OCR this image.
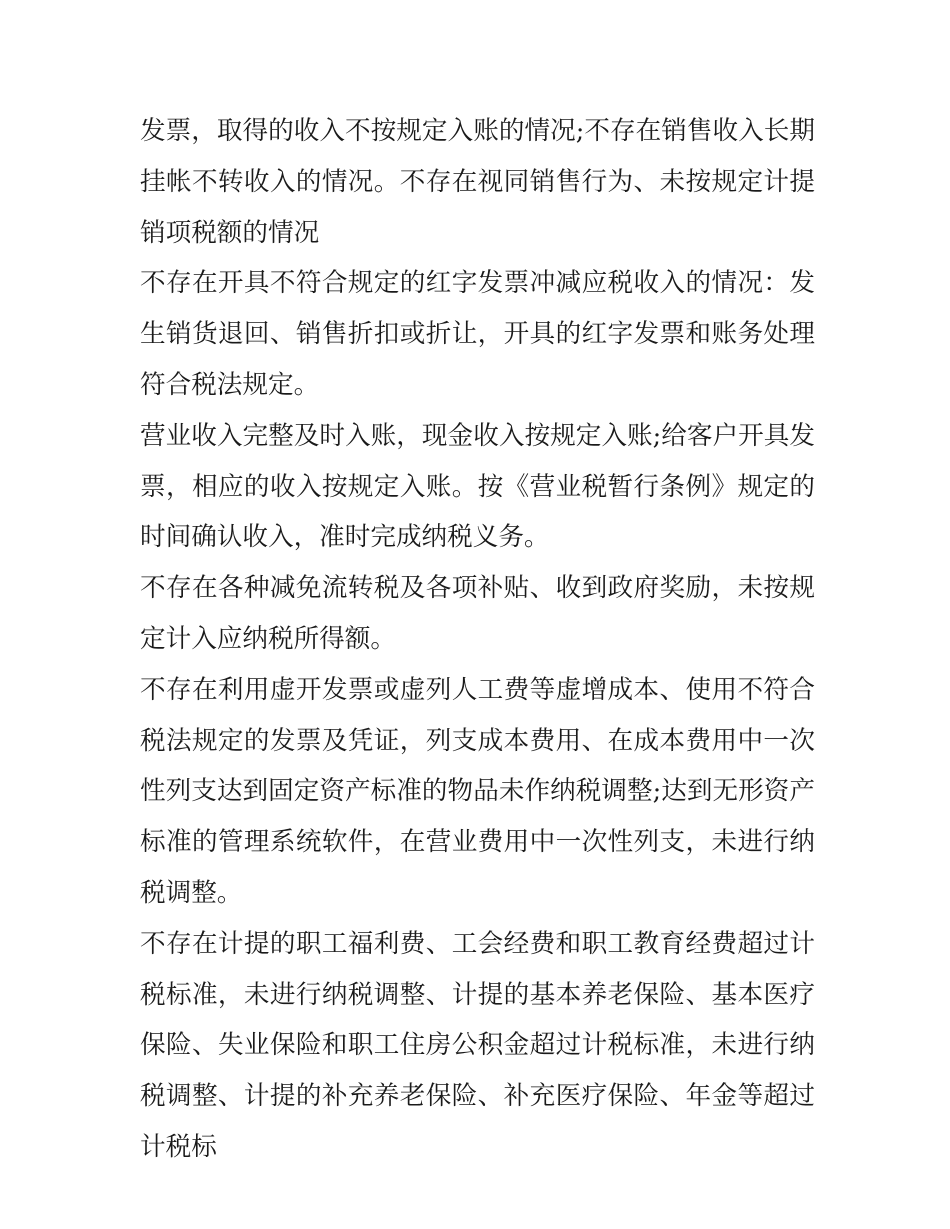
发票，取得的收入不按规定入账的情况;不存在销售收入长期挂帐不转收入的情况。不存在视同销售行为、未按规定计提销项税额的情况

不存在开具不符合规定的红字发票冲减应税收入的情况：发生销货退回、销售折扣或折让，开具的红字发票和账务处理符合税法规定。

营业收入完整及时入账，现金收入按规定入账;给客户开具发票，相应的收入按规定入账。按《营业税暂行条例》规定的时间确认收入，准时完成纳税义务。

不存在各种减免流转税及各项补贴、收到政府奖励，未按规定计入应纳税所得额。

不存在利用虚开发票或虚列人工费等虚增成本、使用不符合税法规定的发票及凭证，列支成本费用、在成本费用中一次性列支达到固定资产标准的物品未作纳税调整;达到无形资产标准的管理系统软件，在营业费用中一次性列支，未进行纳税调整。

不存在计提的职工福利费、工会经费和职工教育经费超过计税标准，未进行纳税调整、计提的基本养老保险、基本医疗保险、失业保险和职工住房公积金超过计税标准，未进行纳税调整、计提的补充养老保险、补充医疗保险、年金等超过计税标
